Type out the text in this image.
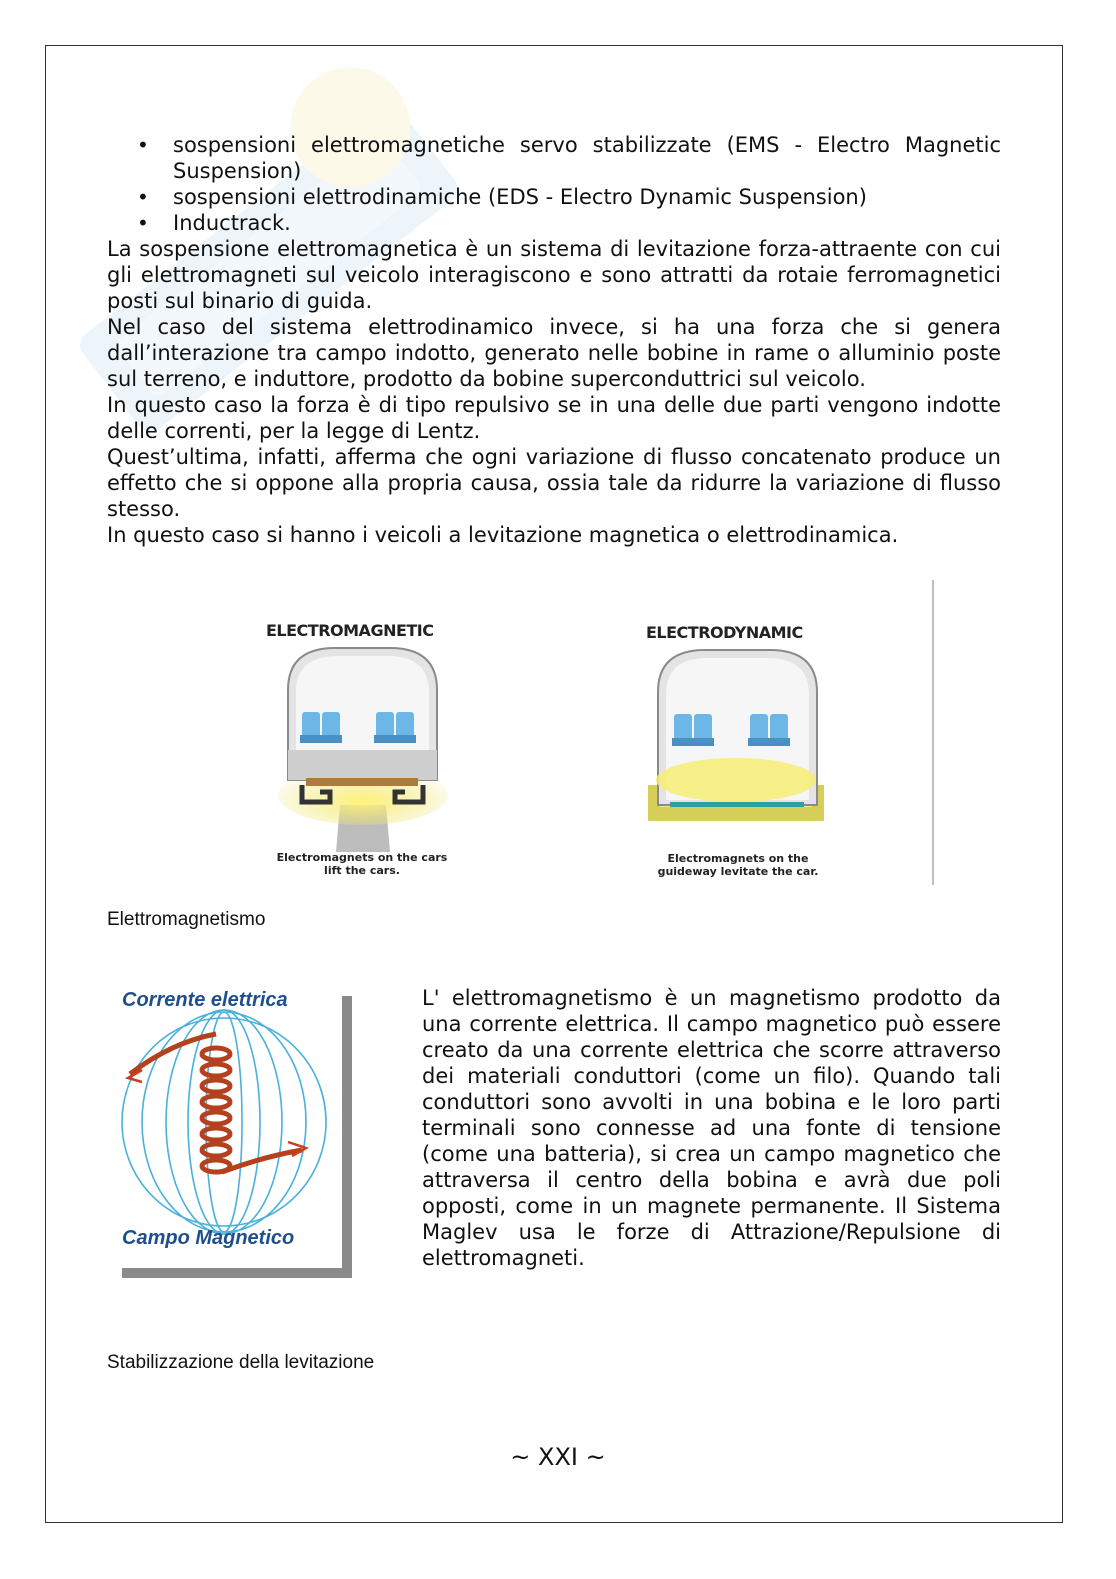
• sospensioni elettromagnetiche servo stabilizzate (EMS - Electro Magnetic Suspension)
• sospensioni elettrodinamiche (EDS - Electro Dynamic Suspension)
• Inductrack.

La sospensione elettromagnetica è un sistema di levitazione forza-attraente con cui gli elettromagneti sul veicolo interagiscono e sono attratti da rotaie ferromagnetici posti sul binario di guida.

Nel caso del sistema elettrodinamico invece, si ha una forza che si genera dall’interazione tra campo indotto, generato nelle bobine in rame o alluminio poste sul terreno, e induttore, prodotto da bobine superconduttrici sul veicolo.

In questo caso la forza è di tipo repulsivo se in una delle due parti vengono indotte delle correnti, per la legge di Lentz.

Quest’ultima, infatti, afferma che ogni variazione di flusso concatenato produce un effetto che si oppone alla propria causa, ossia tale da ridurre la variazione di flusso stesso.

In questo caso si hanno i veicoli a levitazione magnetica o elettrodinamica.

ELECTROMAGNETIC
Electromagnets on the cars
lift the cars.
ELECTRODYNAMIC
Electromagnets on the
guideway levitate the car.
Elettromagnetismo
Corrente elettrica
Campo Magnetico

L' elettromagnetismo è un magnetismo prodotto da una corrente elettrica. Il campo magnetico può essere creato da una corrente elettrica che scorre attraverso dei materiali conduttori (come un filo). Quando tali conduttori sono avvolti in una bobina e le loro parti terminali sono connesse ad una fonte di tensione (come una batteria), si crea un campo magnetico che attraversa il centro della bobina e avrà due poli opposti, come in un magnete permanente. Il Sistema Maglev usa le forze di Attrazione/Repulsione di elettromagneti.

Stabilizzazione della levitazione
~ XXI ~
